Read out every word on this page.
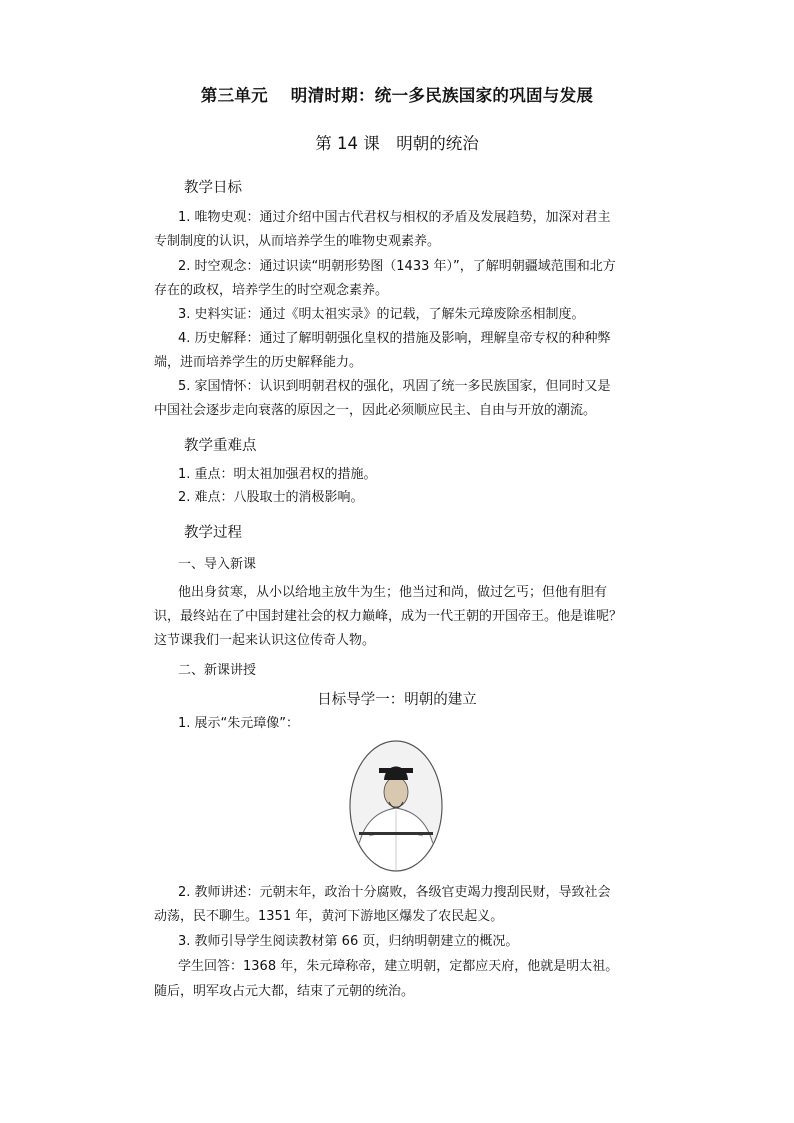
第三单元　 明清时期：统一多民族国家的巩固与发展
第 14 课　明朝的统治
教学日标
1. 唯物史观：通过介绍中国古代君权与相权的矛盾及发展趋势，加深对君主
专制制度的认识，从而培养学生的唯物史观素养。
2. 时空观念：通过识读“明朝形势图（1433 年）”，了解明朝疆域范围和北方
存在的政权，培养学生的时空观念素养。
3. 史料实证：通过《明太祖实录》的记载，了解朱元璋废除丞相制度。
4. 历史解释：通过了解明朝强化皇权的措施及影响，理解皇帝专权的种种弊
端，进而培养学生的历史解释能力。
5. 家国情怀：认识到明朝君权的强化，巩固了统一多民族国家，但同时又是
中国社会逐步走向衰落的原因之一，因此必须顺应民主、自由与开放的潮流。
教学重难点
1. 重点：明太祖加强君权的措施。
2. 难点：八股取士的消极影响。
教学过程
一、导入新课
他出身贫寒，从小以给地主放牛为生；他当过和尚，做过乞丐；但他有胆有
识，最终站在了中国封建社会的权力巅峰，成为一代王朝的开国帝王。他是谁呢？
这节课我们一起来认识这位传奇人物。
二、新课讲授
日标导学一：明朝的建立
1. 展示“朱元璋像”：
2. 教师讲述：元朝末年，政治十分腐败，各级官吏竭力搜刮民财，导致社会
动荡，民不聊生。1351 年，黄河下游地区爆发了农民起义。
3. 教师引导学生阅读教材第 66 页，归纳明朝建立的概况。
学生回答：1368 年，朱元璋称帝，建立明朝，定都应天府，他就是明太祖。
随后，明军攻占元大都，结束了元朝的统治。
